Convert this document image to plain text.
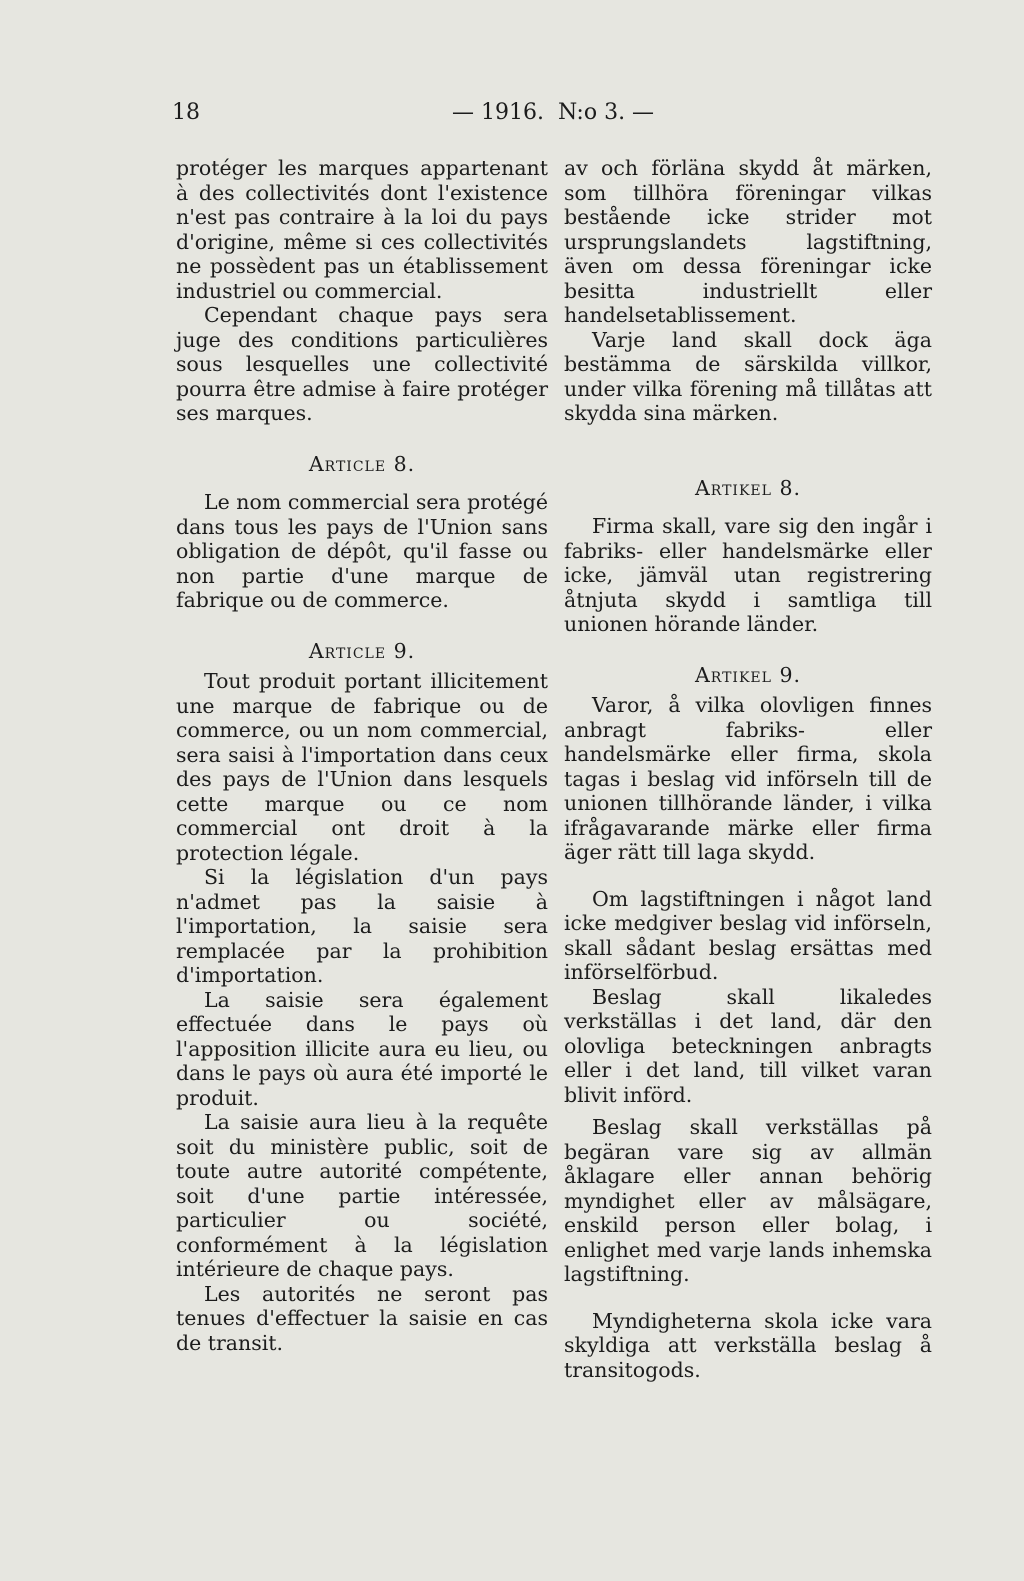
18	— 1916.  N:o 3. —

protéger les marques appartenant à des collectivités dont l'existence n'est pas contraire à la loi du pays d'origine, même si ces collectivités ne possèdent pas un établissement industriel ou commercial.

Cependant chaque pays sera juge des conditions particulières sous lesquelles une collectivité pourra être admise à faire protéger ses marques.

Article 8.

Le nom commercial sera protégé dans tous les pays de l'Union sans obligation de dépôt, qu'il fasse ou non partie d'une marque de fabrique ou de commerce.

Article 9.

Tout produit portant illicitement une marque de fabrique ou de commerce, ou un nom commercial, sera saisi à l'importation dans ceux des pays de l'Union dans lesquels cette marque ou ce nom commercial ont droit à la protection légale.

Si la législation d'un pays n'admet pas la saisie à l'importation, la saisie sera remplacée par la prohibition d'importation.

La saisie sera également effectuée dans le pays où l'apposition illicite aura eu lieu, ou dans le pays où aura été importé le produit.

La saisie aura lieu à la requête soit du ministère public, soit de toute autre autorité compétente, soit d'une partie intéressée, particulier ou société, conformément à la législation intérieure de chaque pays.

Les autorités ne seront pas tenues d'effectuer la saisie en cas de transit.

av och förläna skydd åt märken, som tillhöra föreningar vilkas bestående icke strider mot ursprungslandets lagstiftning, även om dessa föreningar icke besitta industriellt eller handelsetablissement.

Varje land skall dock äga bestämma de särskilda villkor, under vilka förening må tillåtas att skydda sina märken.

Artikel 8.

Firma skall, vare sig den ingår i fabriks- eller handelsmärke eller icke, jämväl utan registrering åtnjuta skydd i samtliga till unionen hörande länder.

Artikel 9.

Varor, å vilka olovligen finnes anbragt fabriks- eller handelsmärke eller firma, skola tagas i beslag vid införseln till de unionen tillhörande länder, i vilka ifrågavarande märke eller firma äger rätt till laga skydd.

Om lagstiftningen i något land icke medgiver beslag vid införseln, skall sådant beslag ersättas med införselförbud.

Beslag skall likaledes verkställas i det land, där den olovliga beteckningen anbragts eller i det land, till vilket varan blivit införd.

Beslag skall verkställas på begäran vare sig av allmän åklagare eller annan behörig myndighet eller av målsägare, enskild person eller bolag, i enlighet med varje lands inhemska lagstiftning.

Myndigheterna skola icke vara skyldiga att verkställa beslag å transitogods.
